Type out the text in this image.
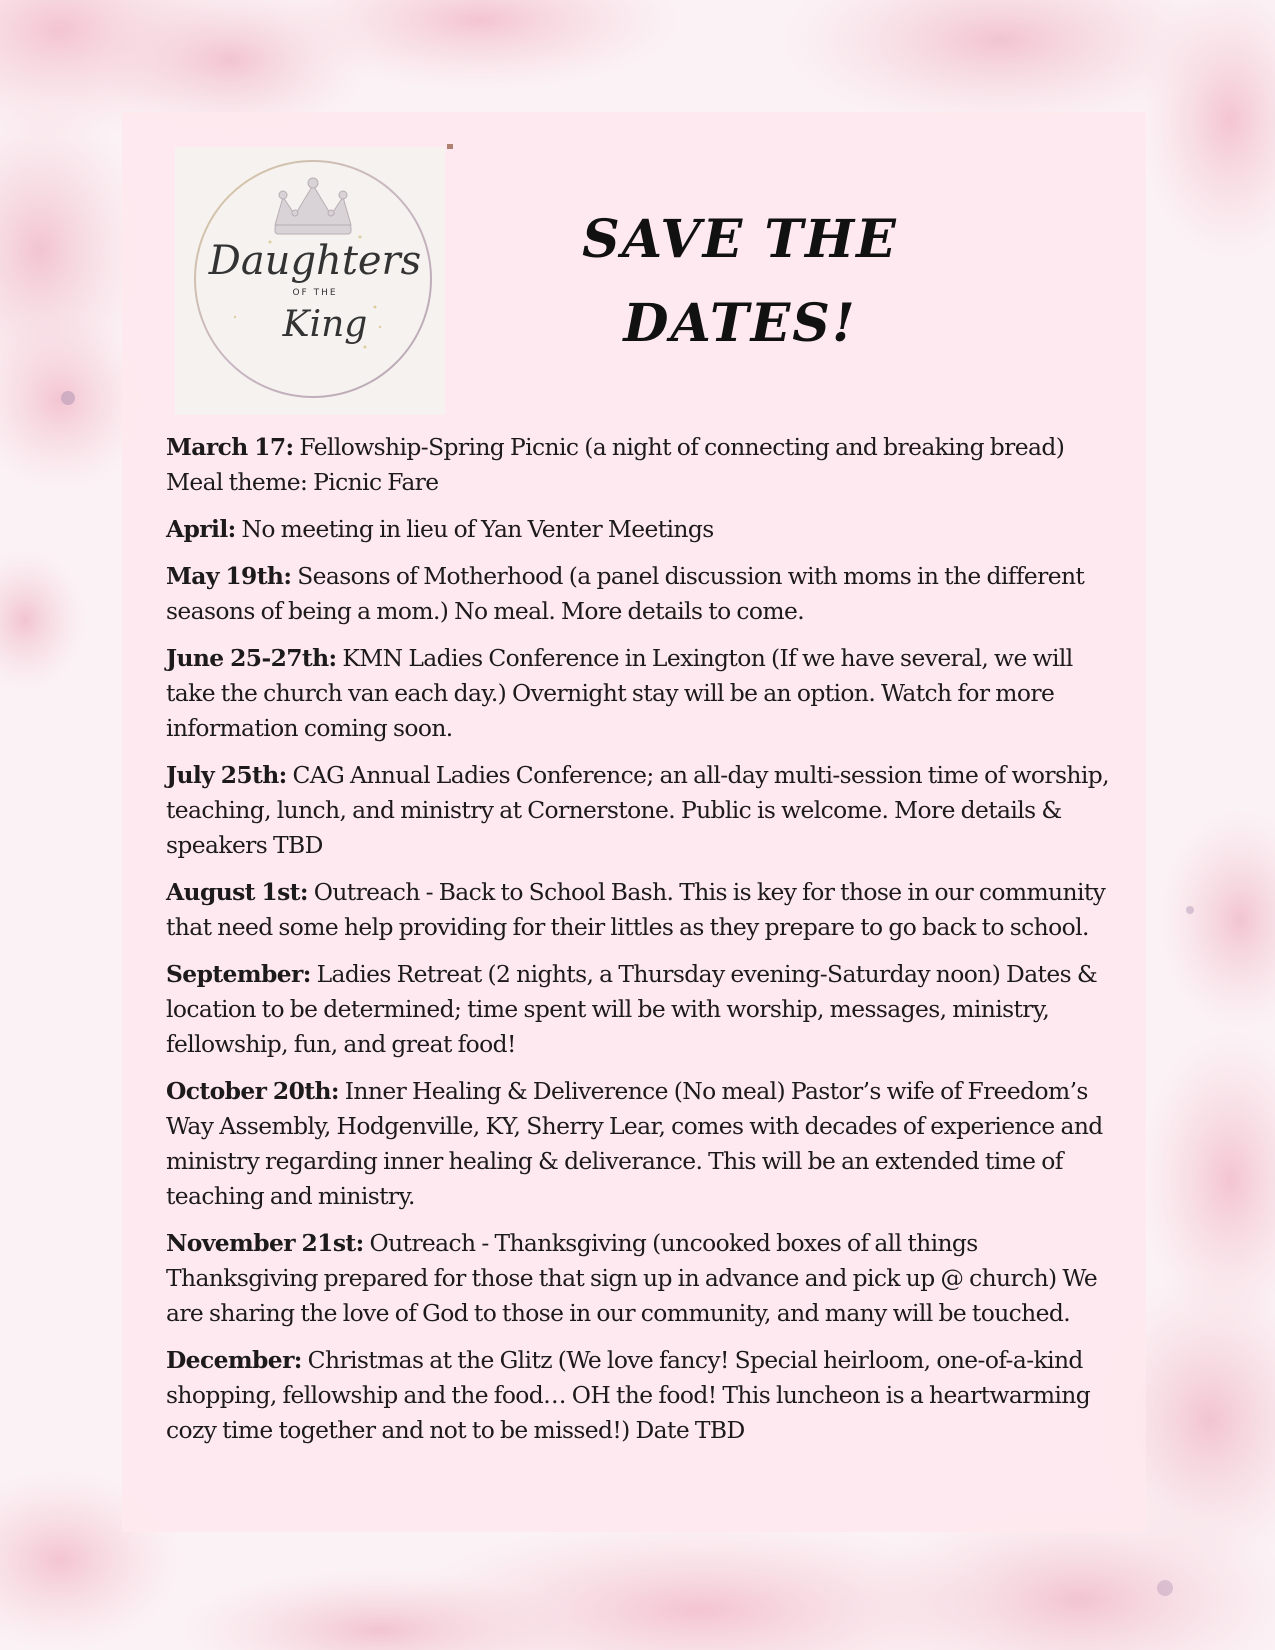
Daughters
OF THE
King
SAVE THE
DATES!

March 17: Fellowship-Spring Picnic (a night of connecting and breaking bread) Meal theme: Picnic Fare

April: No meeting in lieu of Yan Venter Meetings

May 19th: Seasons of Motherhood (a panel discussion with moms in the different seasons of being a mom.) No meal. More details to come.

June 25-27th: KMN Ladies Conference in Lexington (If we have several, we will take the church van each day.) Overnight stay will be an option. Watch for more information coming soon.

July 25th: CAG Annual Ladies Conference; an all-day multi-session time of worship, teaching, lunch, and ministry at Cornerstone. Public is welcome. More details & speakers TBD

August 1st: Outreach - Back to School Bash. This is key for those in our community that need some help providing for their littles as they prepare to go back to school.

September: Ladies Retreat (2 nights, a Thursday evening-Saturday noon) Dates & location to be determined; time spent will be with worship, messages, ministry, fellowship, fun, and great food!

October 20th: Inner Healing & Deliverence (No meal) Pastor’s wife of Freedom’s Way Assembly, Hodgenville, KY, Sherry Lear, comes with decades of experience and ministry regarding inner healing & deliverance. This will be an extended time of teaching and ministry.

November 21st: Outreach - Thanksgiving (uncooked boxes of all things Thanksgiving prepared for those that sign up in advance and pick up @ church) We are sharing the love of God to those in our community, and many will be touched.

December: Christmas at the Glitz (We love fancy! Special heirloom, one-of-a-kind shopping, fellowship and the food… OH the food! This luncheon is a heartwarming cozy time together and not to be missed!) Date TBD
